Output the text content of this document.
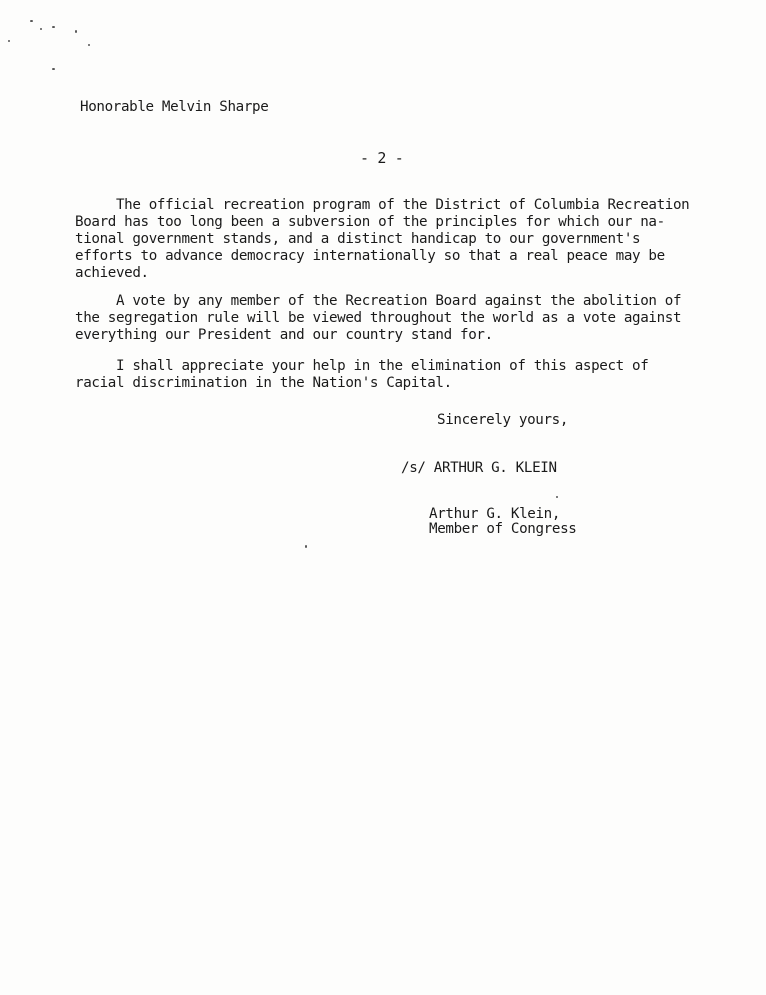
Honorable Melvin Sharpe
- 2 -
The official recreation program of the District of Columbia Recreation
Board has too long been a subversion of the principles for which our na-
tional government stands, and a distinct handicap to our government's
efforts to advance democracy internationally so that a real peace may be
achieved.
A vote by any member of the Recreation Board against the abolition of
the segregation rule will be viewed throughout the world as a vote against
everything our President and our country stand for.
I shall appreciate your help in the elimination of this aspect of
racial discrimination in the Nation's Capital.
Sincerely yours,
/s/ ARTHUR G. KLEIN
Arthur G. Klein,
Member of Congress
